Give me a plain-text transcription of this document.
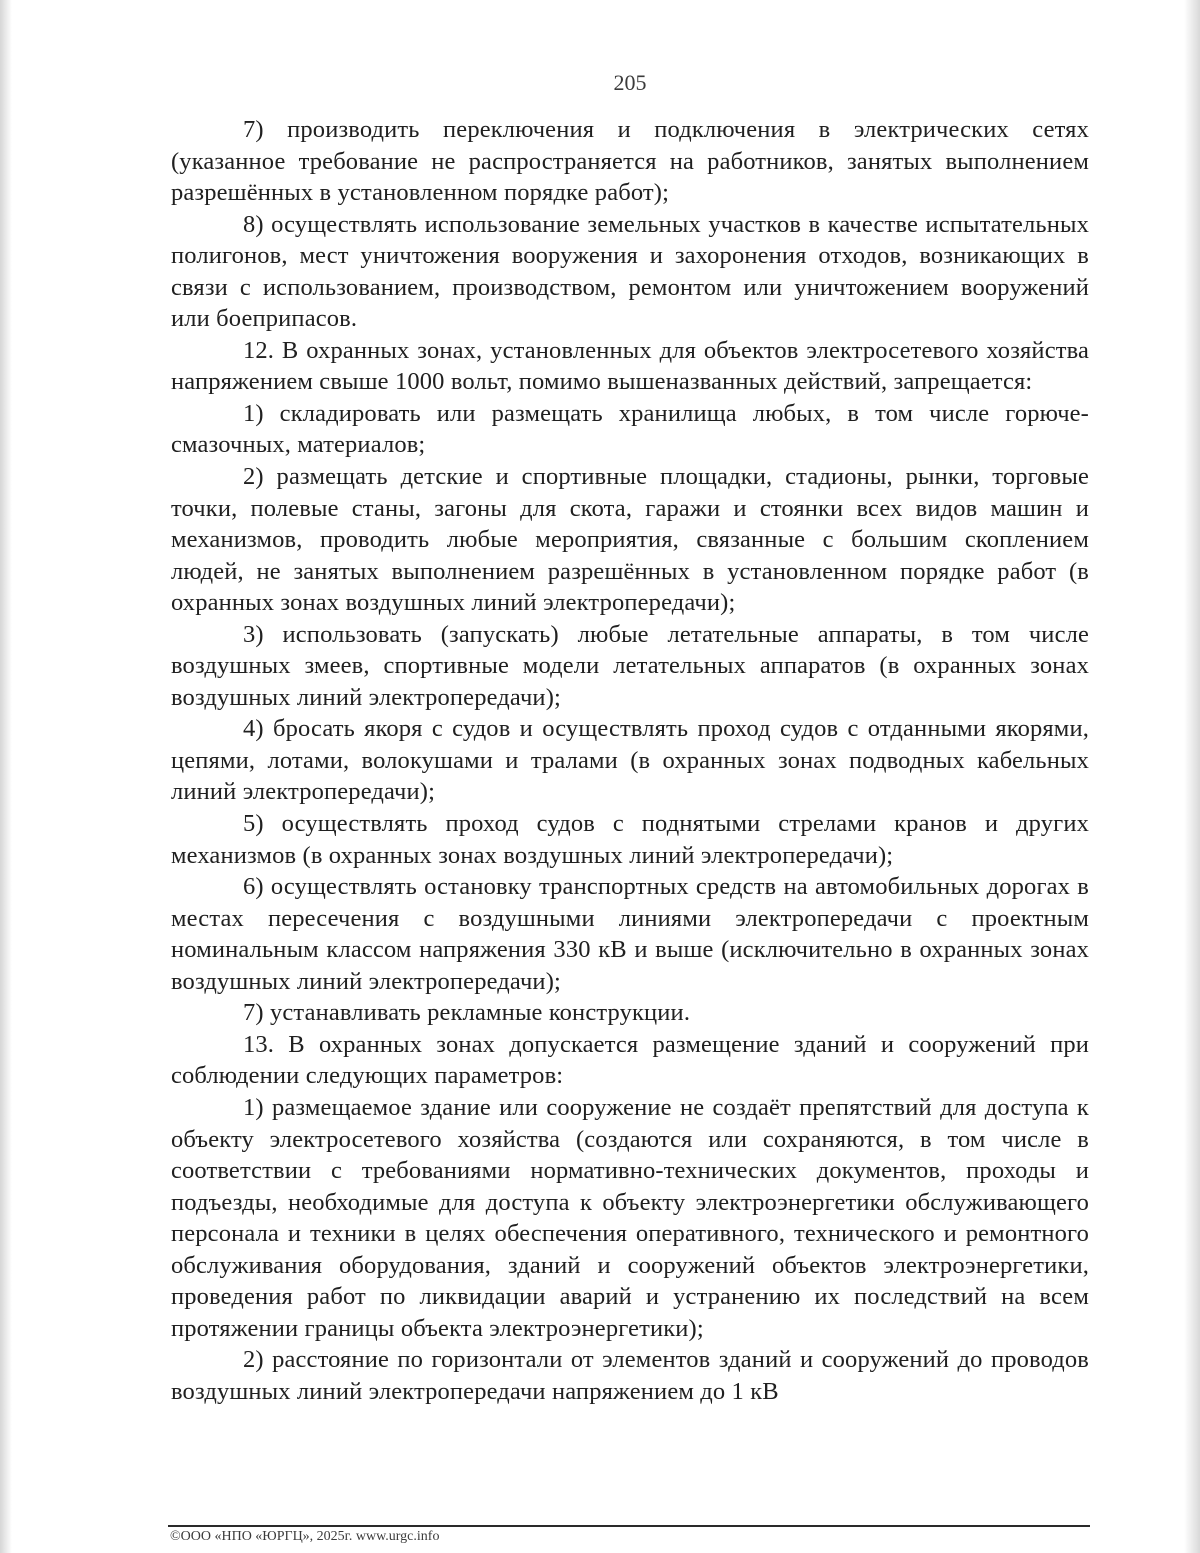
205

7) производить переключения и подключения в электрических сетях (указанное требование не распространяется на работников, занятых выполнением разрешённых в установленном порядке работ);

8) осуществлять использование земельных участков в качестве испытательных полигонов, мест уничтожения вооружения и захоронения отходов, возникающих в связи с использованием, производством, ремонтом или уничтожением вооружений или боеприпасов.

12. В охранных зонах, установленных для объектов электросетевого хозяйства напряжением свыше 1000 вольт, помимо вышеназванных действий, запрещается:

1) складировать или размещать хранилища любых, в том числе горюче-смазочных, материалов;

2) размещать детские и спортивные площадки, стадионы, рынки, торговые точки, полевые станы, загоны для скота, гаражи и стоянки всех видов машин и механизмов, проводить любые мероприятия, связанные с большим скоплением людей, не занятых выполнением разрешённых в установленном порядке работ (в охранных зонах воздушных линий электропередачи);

3) использовать (запускать) любые летательные аппараты, в том числе воздушных змеев, спортивные модели летательных аппаратов (в охранных зонах воздушных линий электропередачи);

4) бросать якоря с судов и осуществлять проход судов с отданными якорями, цепями, лотами, волокушами и тралами (в охранных зонах подводных кабельных линий электропередачи);

5) осуществлять проход судов с поднятыми стрелами кранов и других механизмов (в охранных зонах воздушных линий электропередачи);

6) осуществлять остановку транспортных средств на автомобильных дорогах в местах пересечения с воздушными линиями электропередачи с проектным номинальным классом напряжения 330 кВ и выше (исключительно в охранных зонах воздушных линий электропередачи);

7) устанавливать рекламные конструкции.

13. В охранных зонах допускается размещение зданий и сооружений при соблюдении следующих параметров:

1) размещаемое здание или сооружение не создаёт препятствий для доступа к объекту электросетевого хозяйства (создаются или сохраняются, в том числе в соответствии с требованиями нормативно-технических документов, проходы и подъезды, необходимые для доступа к объекту электроэнергетики обслуживающего персонала и техники в целях обеспечения оперативного, технического и ремонтного обслуживания оборудования, зданий и сооружений объектов электроэнергетики, проведения работ по ликвидации аварий и устранению их последствий на всем протяжении границы объекта электроэнергетики);

2) расстояние по горизонтали от элементов зданий и сооружений до проводов воздушных линий электропередачи напряжением до 1 кВ

©ООО «НПО «ЮРГЦ», 2025г. www.urgc.info
